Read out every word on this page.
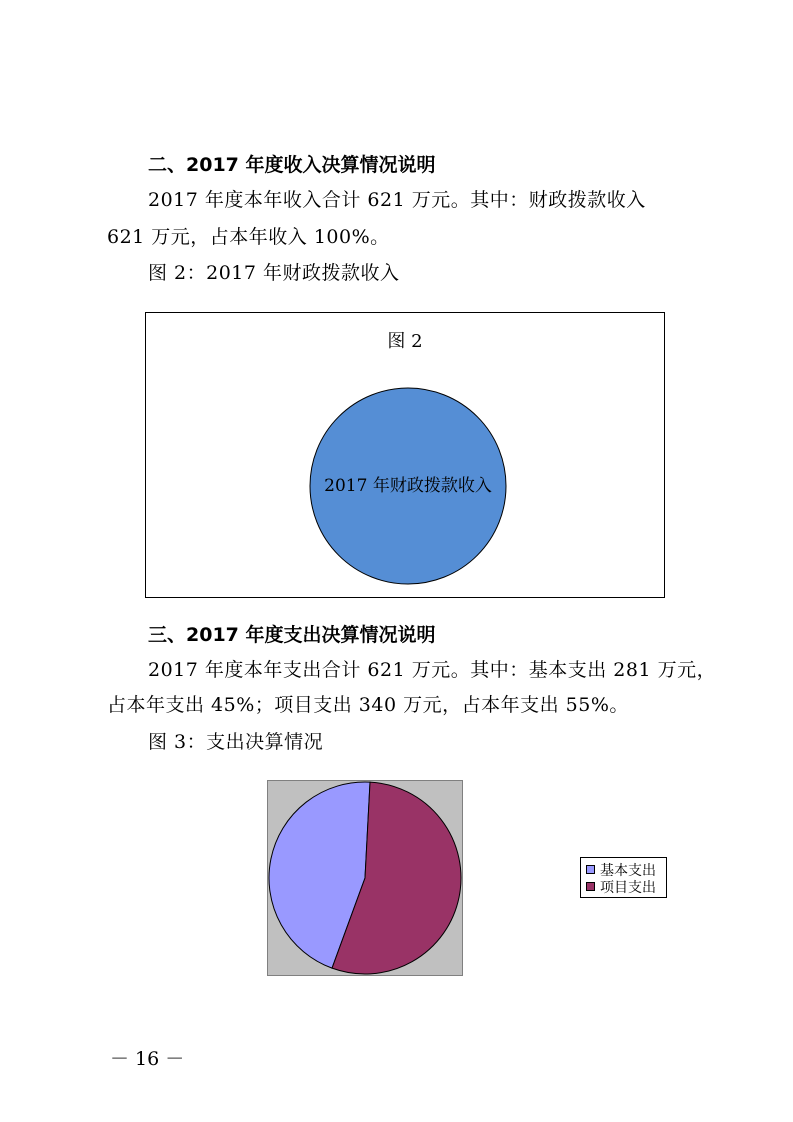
二、2017 年度收入决算情况说明
2017 年度本年收入合计 621 万元。其中：财政拨款收入
621 万元，占本年收入 100%。
图 2：2017 年财政拨款收入
图 2
2017 年财政拨款收入
三、2017 年度支出决算情况说明
2017 年度本年支出合计 621 万元。其中：基本支出 281 万元，
占本年支出 45%；项目支出 340 万元，占本年支出 55%。
图 3：支出决算情况
基本支出
项目支出
－ 16 －
